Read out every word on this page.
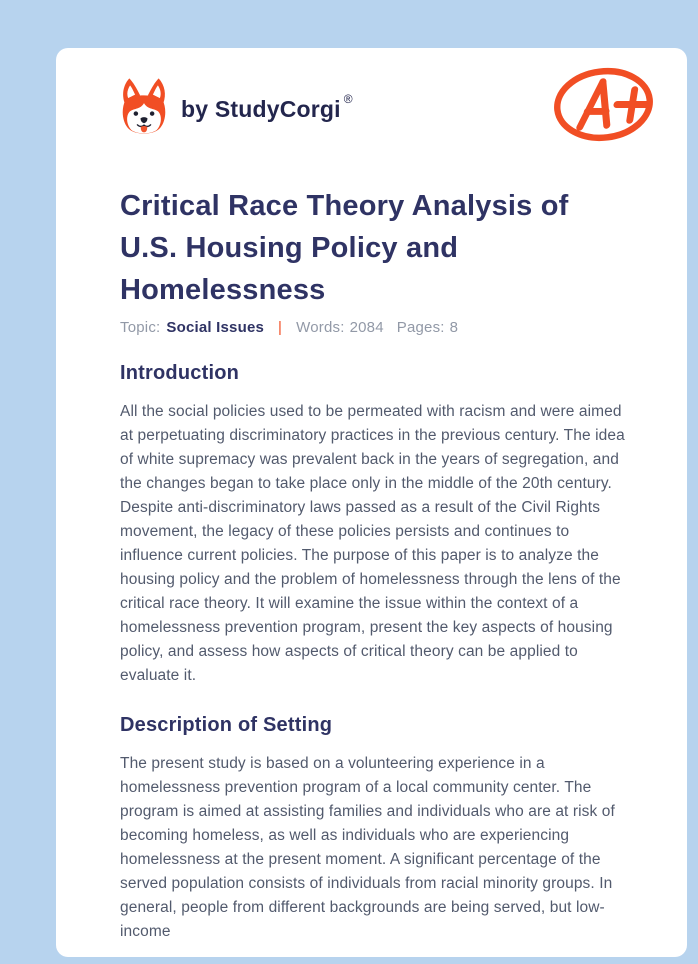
by StudyCorgi ®
Critical Race Theory Analysis of U.S. Housing Policy and Homelessness
Topic: Social Issues | Words: 2084 Pages: 8
Introduction

All the social policies used to be permeated with racism and were aimed at perpetuating discriminatory practices in the previous century. The idea of white supremacy was prevalent back in the years of segregation, and the changes began to take place only in the middle of the 20th century. Despite anti-discriminatory laws passed as a result of the Civil Rights movement, the legacy of these policies persists and continues to influence current policies. The purpose of this paper is to analyze the housing policy and the problem of homelessness through the lens of the critical race theory. It will examine the issue within the context of a homelessness prevention program, present the key aspects of housing policy, and assess how aspects of critical theory can be applied to evaluate it.

Description of Setting

The present study is based on a volunteering experience in a homelessness prevention program of a local community center. The program is aimed at assisting families and individuals who are at risk of becoming homeless, as well as individuals who are experiencing homelessness at the present moment. A significant percentage of the served population consists of individuals from racial minority groups. In general, people from different backgrounds are being served, but low-income
